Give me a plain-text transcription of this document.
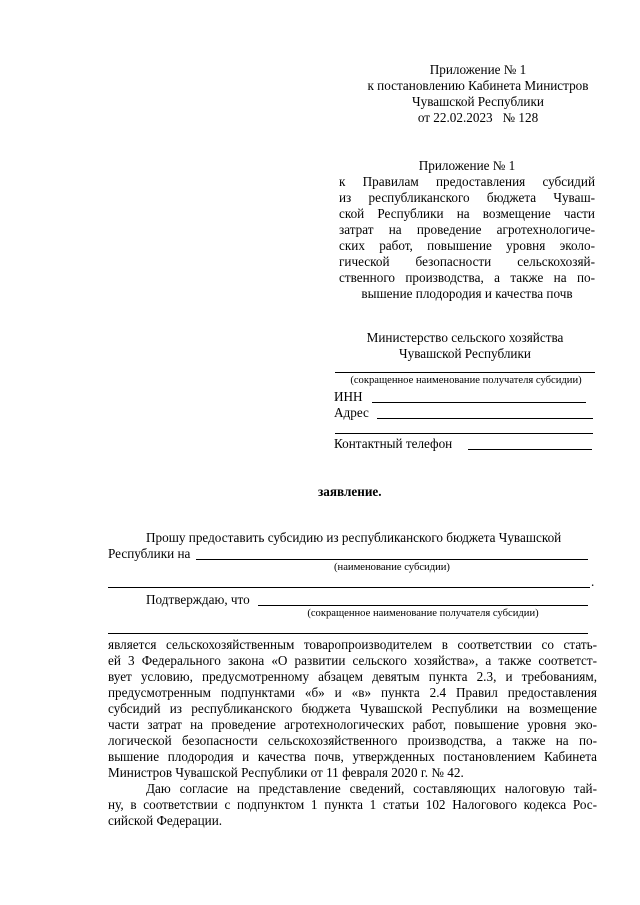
Приложение № 1
к постановлению Кабинета Министров
Чувашской Республики
от 22.02.2023   № 128
Приложение № 1
к Правилам предоставления субсидий
из республиканского бюджета Чуваш-
ской Республики на возмещение части
затрат на проведение агротехнологиче-
ских работ, повышение уровня эколо-
гической безопасности сельскохозяй-
ственного производства, а также на по-
вышение плодородия и качества почв
Министерство сельского хозяйства
Чувашской Республики
(сокращенное наименование получателя субсидии)
ИНН
Адрес
Контактный телефон
заявление.
Прошу предоставить субсидию из республиканского бюджета Чувашской
Республики на
(наименование субсидии)
.
Подтверждаю, что
(сокращенное наименование получателя субсидии)
является сельскохозяйственным товаропроизводителем в соответствии со стать-
ей 3 Федерального закона «О развитии сельского хозяйства», а также соответст-
вует условию, предусмотренному абзацем девятым пункта 2.3, и требованиям,
предусмотренным подпунктами «б» и «в» пункта 2.4 Правил предоставления
субсидий из республиканского бюджета Чувашской Республики на возмещение
части затрат на проведение агротехнологических работ, повышение уровня эко-
логической безопасности сельскохозяйственного производства, а также на по-
вышение плодородия и качества почв, утвержденных постановлением Кабинета
Министров Чувашской Республики от 11 февраля 2020 г. № 42.
Даю согласие на представление сведений, составляющих налоговую тай-
ну, в соответствии с подпунктом 1 пункта 1 статьи 102 Налогового кодекса Рос-
сийской Федерации.
